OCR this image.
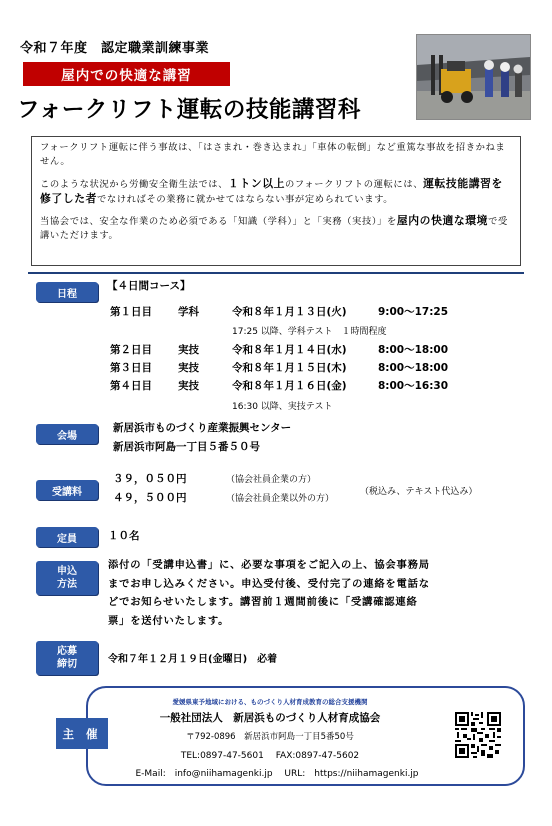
令和７年度　認定職業訓練事業
屋内での快適な講習
フォークリフト運転の技能講習科

フォークリフト運転に伴う事故は、「はさまれ・巻き込まれ」「車体の転倒」など重篤な事故を招きかねません。

このような状況から労働安全衛生法では、１トン以上のフォークリフトの運転には、運転技能講習を修了した者でなければその業務に就かせてはならない事が定められています。

当協会では、安全な作業のため必須である「知識（学科）」と「実務（実技）」を屋内の快適な環境で受講いただけます。

日程
【４日間コース】
第１日目 学科	令和８年１月１３日(火)	9:00～17:25
17:25 以降、学科テスト　１時間程度
第２日目 実技	令和８年１月１４日(水)	8:00～18:00
第３日目 実技	令和８年１月１５日(木)	8:00～18:00
第４日目 実技	令和８年１月１６日(金)	8:00～16:30
16:30 以降、実技テスト
会場
新居浜市ものづくり産業振興センター
新居浜市阿島一丁目５番５０号
受講料
３９，０５０円	（協会社員企業の方）
４９，５００円	（協会社員企業以外の方）
（税込み、テキスト代込み）
定員	１０名
申込
方法
添付の「受講申込書」に、必要な事項をご記入の上、協会事務局
までお申し込みください。申込受付後、受付完了の連絡を電話な
どでお知らせいたします。講習前１週間前後に「受講確認連絡
票」を送付いたします。
応募
締切	令和７年１２月１９日(金曜日)　必着
主 催
愛媛県東予地域における、ものづくり人材育成教育の総合支援機関
一般社団法人　新居浜ものづくり人材育成協会
〒792-0896　新居浜市阿島一丁目5番50号
TEL:0897-47-5601　 FAX:0897-47-5602
E-Mail:　info@niihamagenki.jp　 URL:　https://niihamagenki.jp
